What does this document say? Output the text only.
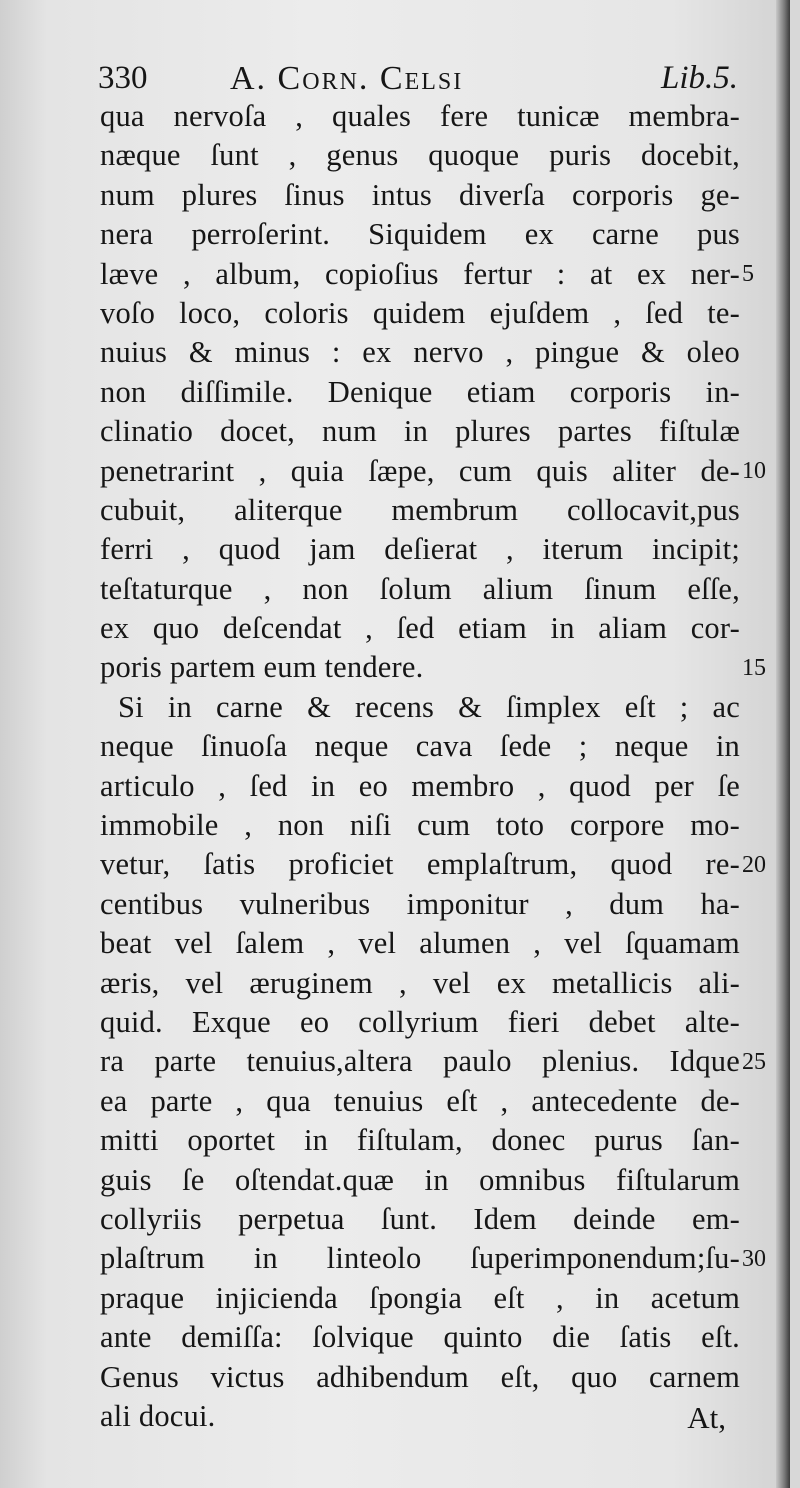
330 A. Corn. Celsi	Lib.5.
qua nervoſa , quales fere tunicæ membra-
næque ſunt , genus quoque puris docebit,
num plures ſinus intus diverſa corporis ge-
nera perroſerint. Siquidem ex carne pus
læve , album, copioſius fertur : at ex ner-
voſo loco, coloris quidem ejuſdem , ſed te-
nuius & minus : ex nervo , pingue & oleo
non diſſimile. Denique etiam corporis in-
clinatio docet, num in plures partes fiſtulæ
penetrarint , quia ſæpe, cum quis aliter de-
cubuit, aliterque membrum collocavit,pus
ferri , quod jam deſierat , iterum incipit;
teſtaturque , non ſolum alium ſinum eſſe,
ex quo deſcendat , ſed etiam in aliam cor-
poris partem eum tendere.
Si in carne & recens & ſimplex eſt ; ac
neque ſinuoſa neque cava ſede ; neque in
articulo , ſed in eo membro , quod per ſe
immobile , non niſi cum toto corpore mo-
vetur, ſatis proficiet emplaſtrum, quod re-
centibus vulneribus imponitur , dum ha-
beat vel ſalem , vel alumen , vel ſquamam
æris, vel æruginem , vel ex metallicis ali-
quid. Exque eo collyrium fieri debet alte-
ra parte tenuius,altera paulo plenius. Idque
ea parte , qua tenuius eſt , antecedente de-
mitti oportet in fiſtulam, donec purus ſan-
guis ſe oſtendat.quæ in omnibus fiſtularum
collyriis perpetua ſunt. Idem deinde em-
plaſtrum in linteolo ſuperimponendum;ſu-
praque injicienda ſpongia eſt , in acetum
ante demiſſa: ſolvique quinto die ſatis eſt.
Genus victus adhibendum eſt, quo carnem
ali docui.
5
10
15
20
25
30
At,
